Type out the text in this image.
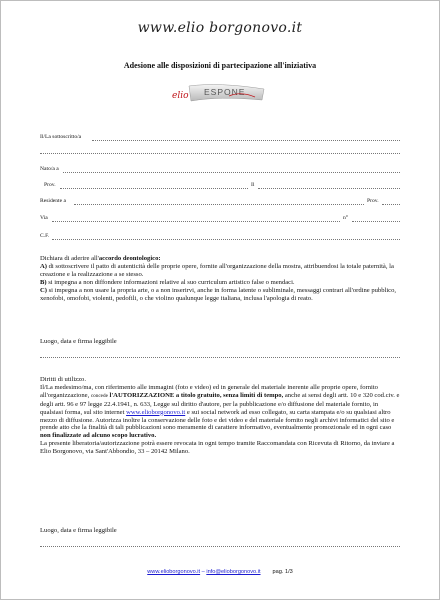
www.elio borgonovo.it
Adesione alle disposizioni di partecipazione all'iniziativa
elio ESPONE
Il/La sottoscritto/a
Nato/a a
Prov.	Il
Residente a	Prov.
Via	n°
C.F.
Dichiara di aderire all'accordo deontologico:
A) di sottoscrivere il patto di autenticità delle proprie opere, fornite all'organizzazione della mostra, attribuendosi la totale paternità, la creazione e la realizzazione a se stesso.
B) si impegna a non diffondere informazioni relative al suo curriculum artistico false o mendaci.
C) si impegna a non usare la propria arte, o a non inserirvi, anche in forma latente o subliminale, messaggi contrari all'ordine pubblico, xenofobi, omofobi, violenti, pedofili, o che violino qualunque legge italiana, inclusa l'apologia di reato.
Luogo, data e firma leggibile
Diritti di utilizzo.
Il/La medesimo/ma, con riferimento alle immagini (foto e video) ed in generale del materiale inerente alle proprie opere, fornito all'organizzazione, concede l'AUTORIZZAZIONE a titolo gratuito, senza limiti di tempo, anche ai sensi degli artt. 10 e 320 cod.civ. e degli artt. 96 e 97 legge 22.4.1941, n. 633, Legge sul diritto d'autore, per la pubblicazione e/o diffusione del materiale fornito, in qualsiasi forma, sul sito internet www.elioborgonovo.it e sui social network ad esso collegato, su carta stampata e/o su qualsiasi altro mezzo di diffusione. Autorizza inoltre la conservazione delle foto e dei video e del materiale fornito negli archivi informatici del sito e prende atto che la finalità di tali pubblicazioni sono meramente di carattere informativo, eventualmente promozionale ed in ogni caso non finalizzate ad alcuno scopo lucrativo.
La presente liberatoria/autorizzazione potrà essere revocata in ogni tempo tramite Raccomandata con Ricevuta di Ritorno, da inviare a Elio Borgonovo, via Sant'Abbondio, 33 – 20142 Milano.
Luogo, data e firma leggibile
www.elioborgonovo.it – info@elioborgonovo.it pag. 1/3
